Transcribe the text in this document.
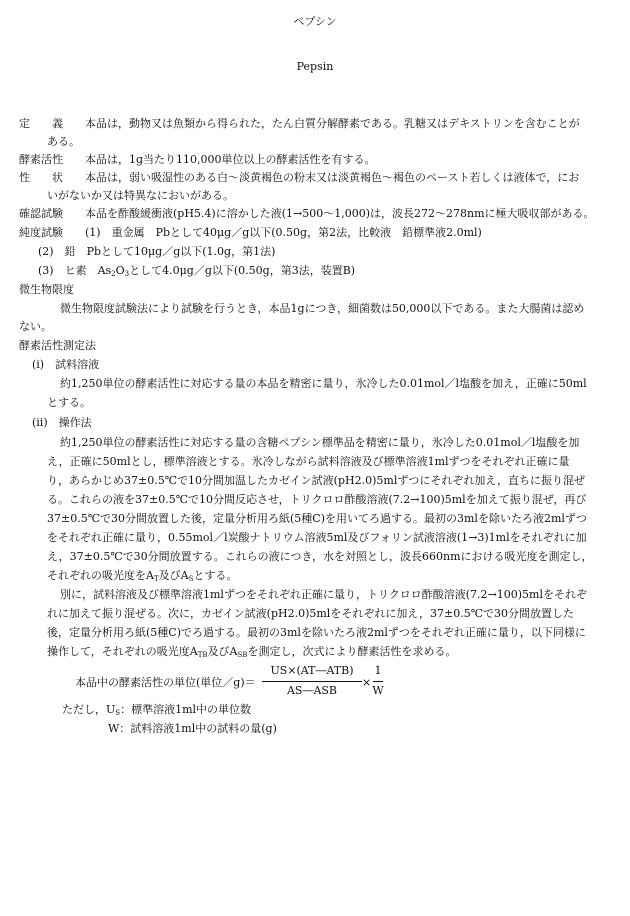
ペプシン
Pepsin
定　　義 本品は，動物又は魚類から得られた，たん白質分解酵素である。乳糖又はデキストリンを含むことが
ある。
酵素活性 本品は，1g当たり110,000単位以上の酵素活性を有する。
性　　状 本品は，弱い吸湿性のある白～淡黄褐色の粉末又は淡黄褐色～褐色のペースト若しくは液体で，にお
いがないか又は特異なにおいがある。
確認試験 本品を酢酸緩衝液(pH5.4)に溶かした液(1→500～1,000)は，波長272～278nmに極大吸収部がある。
純度試験 (1)　重金属　Pbとして40μg／g以下(0.50g，第2法，比較液　鉛標準液2.0ml)
(2)　鉛　Pbとして10μg／g以下(1.0g，第1法)
(3)　ヒ素　As2O3として4.0μg／g以下(0.50g，第3法，装置B)
微生物限度
微生物限度試験法により試験を行うとき，本品1gにつき，細菌数は50,000以下である。また大腸菌は認め
ない。
酵素活性測定法
(ⅰ)　試料溶液
約1,250単位の酵素活性に対応する量の本品を精密に量り，氷冷した0.01mol／l塩酸を加え，正確に50ml
とする。
(ⅱ)　操作法
約1,250単位の酵素活性に対応する量の含糖ペプシン標準品を精密に量り，氷冷した0.01mol／l塩酸を加
え，正確に50mlとし，標準溶液とする。氷冷しながら試料溶液及び標準溶液1mlずつをそれぞれ正確に量
り，あらかじめ37±0.5℃で10分間加温したカゼイン試液(pH2.0)5mlずつにそれぞれ加え，直ちに振り混ぜ
る。これらの液を37±0.5℃で10分間反応させ，トリクロロ酢酸溶液(7.2→100)5mlを加えて振り混ぜ，再び
37±0.5℃で30分間放置した後，定量分析用ろ紙(5種C)を用いてろ過する。最初の3mlを除いたろ液2mlずつ
をそれぞれ正確に量り，0.55mol／l炭酸ナトリウム溶液5ml及びフォリン試液溶液(1→3)1mlをそれぞれに加
え，37±0.5℃で30分間放置する。これらの液につき，水を対照とし，波長660nmにおける吸光度を測定し，
それぞれの吸光度をAT及びASとする。
別に，試料溶液及び標準溶液1mlずつをそれぞれ正確に量り，トリクロロ酢酸溶液(7.2→100)5mlをそれぞ
れに加えて振り混ぜる。次に，カゼイン試液(pH2.0)5mlをそれぞれに加え，37±0.5℃で30分間放置した
後，定量分析用ろ紙(5種C)でろ過する。最初の3mlを除いたろ液2mlずつをそれぞれ正確に量り，以下同様に
操作して，それぞれの吸光度ATB及びASBを測定し，次式により酵素活性を求める。
本品中の酵素活性の単位(単位／g)＝
US×(AT―ATB)
AS―ASB
×
1
W
ただし，US：標準溶液1ml中の単位数
W：試料溶液1ml中の試料の量(g)
